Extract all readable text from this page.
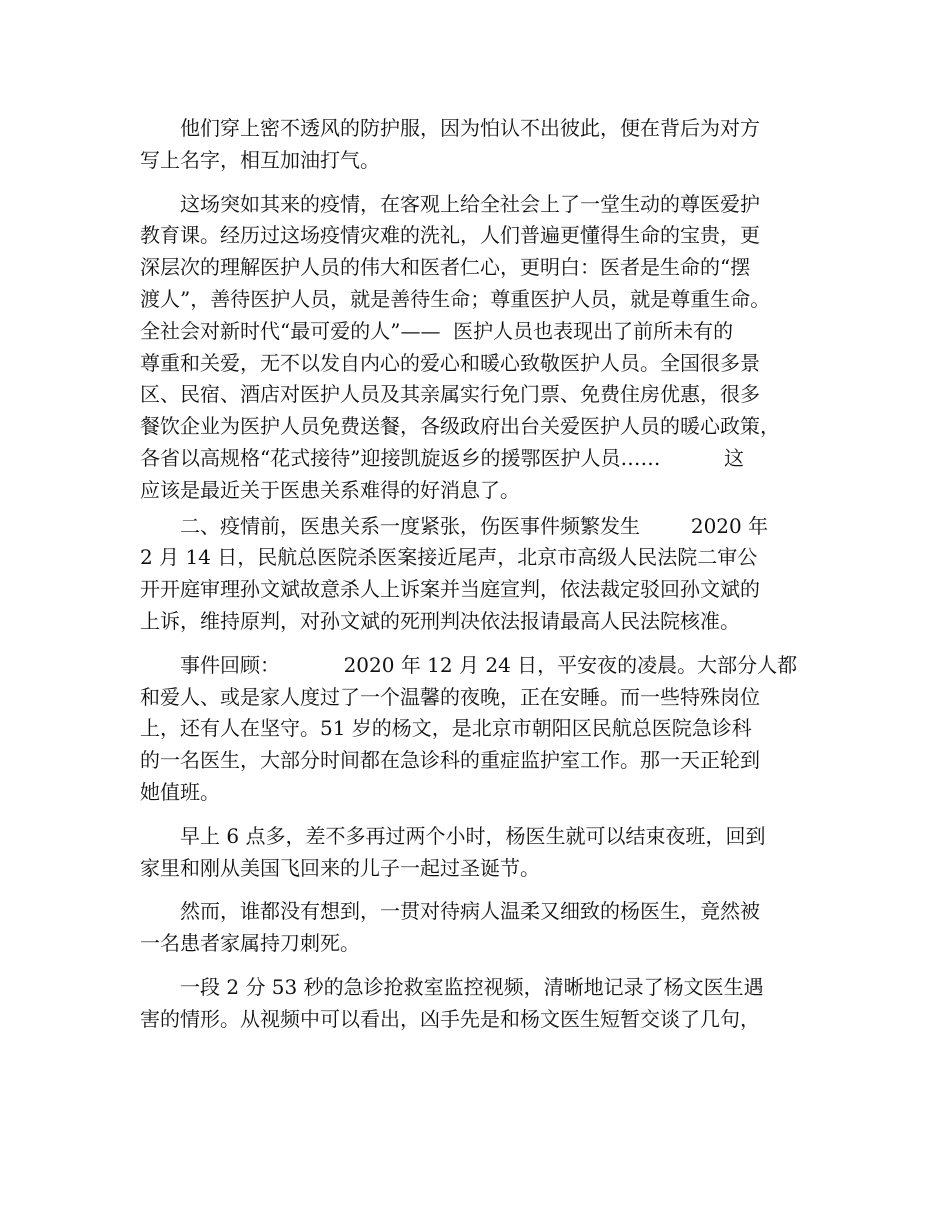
他们穿上密不透风的防护服，因为怕认不出彼此，便在背后为对方
写上名字，相互加油打气。
这场突如其来的疫情，在客观上给全社会上了一堂生动的尊医爱护
教育课。经历过这场疫情灾难的洗礼，人们普遍更懂得生命的宝贵，更
深层次的理解医护人员的伟大和医者仁心，更明白：医者是生命的“摆
渡人”，善待医护人员，就是善待生命；尊重医护人员，就是尊重生命。
全社会对新时代“最可爱的人”——  医护人员也表现出了前所未有的
尊重和关爱，无不以发自内心的爱心和暖心致敬医护人员。全国很多景
区、民宿、酒店对医护人员及其亲属实行免门票、免费住房优惠，很多
餐饮企业为医护人员免费送餐，各级政府出台关爱医护人员的暖心政策，
各省以高规格“花式接待”迎接凯旋返乡的援鄂医护人员……          这
应该是最近关于医患关系难得的好消息了。
二、疫情前，医患关系一度紧张，伤医事件频繁发生        2020 年
2 月 14 日，民航总医院杀医案接近尾声，北京市高级人民法院二审公
开开庭审理孙文斌故意杀人上诉案并当庭宣判，依法裁定驳回孙文斌的
上诉，维持原判，对孙文斌的死刑判决依法报请最高人民法院核准。
事件回顾：          2020 年 12 月 24 日，平安夜的凌晨。大部分人都
和爱人、或是家人度过了一个温馨的夜晚，正在安睡。而一些特殊岗位
上，还有人在坚守。51 岁的杨文，是北京市朝阳区民航总医院急诊科
的一名医生，大部分时间都在急诊科的重症监护室工作。那一天正轮到
她值班。
早上 6 点多，差不多再过两个小时，杨医生就可以结束夜班，回到
家里和刚从美国飞回来的儿子一起过圣诞节。
然而，谁都没有想到，一贯对待病人温柔又细致的杨医生，竟然被
一名患者家属持刀刺死。
一段 2 分 53 秒的急诊抢救室监控视频，清晰地记录了杨文医生遇
害的情形。从视频中可以看出，凶手先是和杨文医生短暂交谈了几句，
